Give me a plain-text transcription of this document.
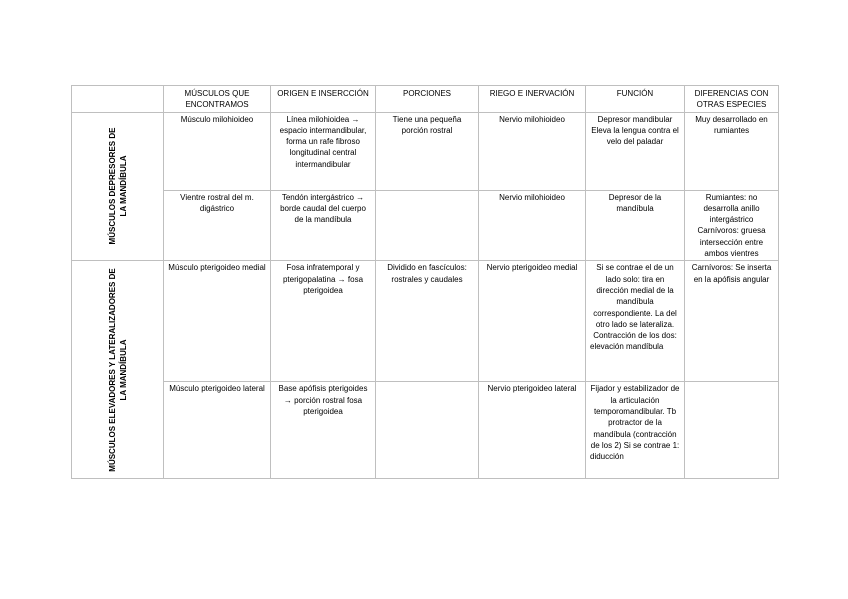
	MÚSCULOS QUE ENCONTRAMOS	ORIGEN E INSERCCIÓN	PORCIONES	RIEGO E INERVACIÓN	FUNCIÓN	DIFERENCIAS CON OTRAS ESPECIES

MÚSCULOS DEPRESORES DE LA MANDÍBULA	Músculo milohioideo	Línea milohioidea → espacio intermandibular, forma un rafe fibroso longitudinal central intermandibular	Tiene una pequeña porción rostral	Nervio milohioideo	Depresor mandibular Eleva la lengua contra el velo del paladar	Muy desarrollado en rumiantes
	Vientre rostral del m. digástrico	Tendón intergástrico → borde caudal del cuerpo de la mandíbula		Nervio milohioideo	Depresor de la mandíbula	Rumiantes: no desarrolla anillo intergástrico Carnívoros: gruesa intersección entre ambos vientres

MÚSCULOS ELEVADORES Y LATERALIZADORES DE LA MANDÍBULA	Músculo pterigoideo medial	Fosa infratemporal y pterigopalatina → fosa pterigoidea	Dividido en fascículos: rostrales y caudales	Nervio pterigoideo medial	Si se contrae el de un lado solo: tira en dirección medial de la mandíbula correspondiente. La del otro lado se lateraliza. Contracción de los dos: elevación mandíbula	Carnívoros: Se inserta en la apófisis angular
	Músculo pterigoideo lateral	Base apófisis pterigoides → porción rostral fosa pterigoidea		Nervio pterigoideo lateral	Fijador y estabilizador de la articulación temporomandibular. Tb protractor de la mandíbula (contracción de los 2) Si se contrae 1: diducción	
